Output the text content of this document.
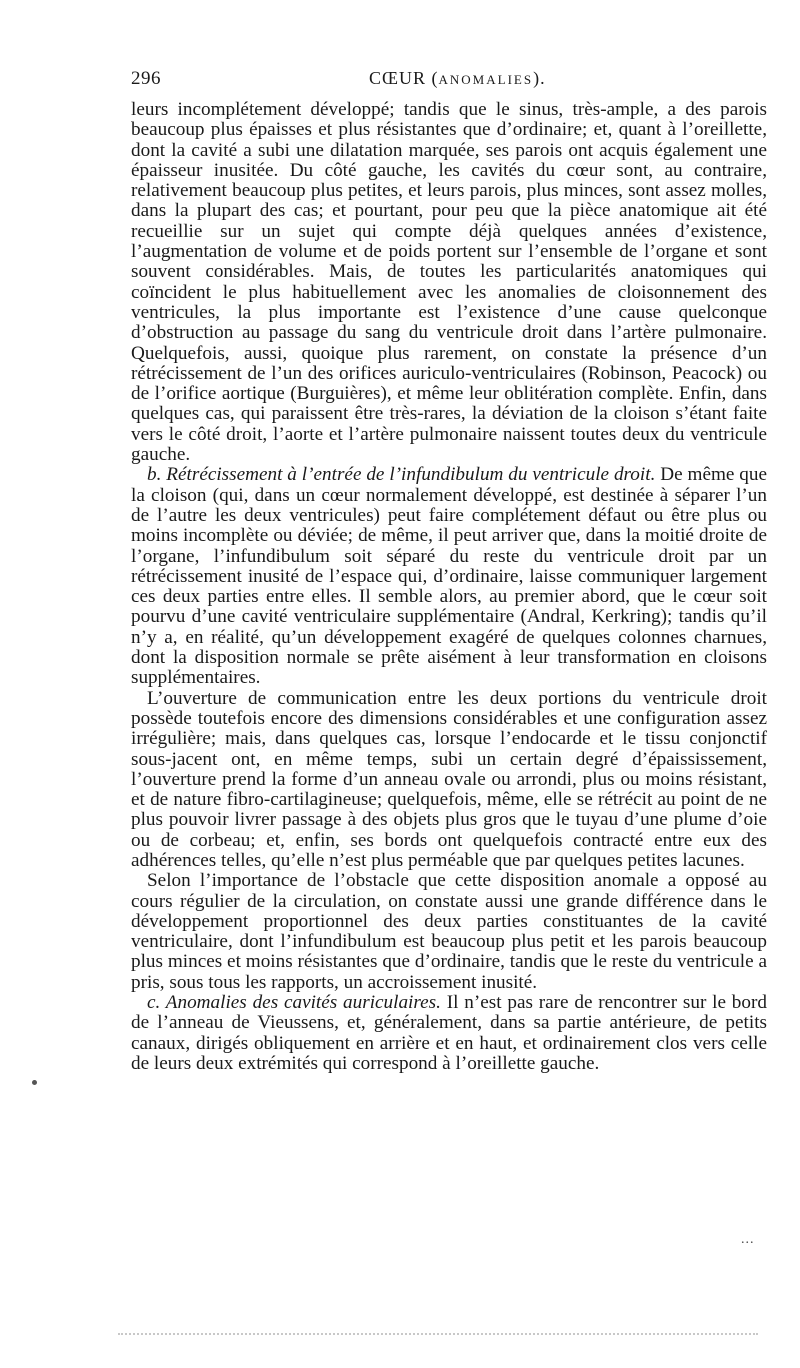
296	CŒUR (ANOMALIES).

leurs incomplétement développé; tandis que le sinus, très-ample, a des parois beaucoup plus épaisses et plus résistantes que d’ordinaire; et, quant à l’oreillette, dont la cavité a subi une dilatation marquée, ses parois ont acquis également une épaisseur inusitée. Du côté gauche, les cavités du cœur sont, au contraire, relativement beaucoup plus petites, et leurs parois, plus minces, sont assez molles, dans la plupart des cas; et pourtant, pour peu que la pièce anatomique ait été recueillie sur un sujet qui compte déjà quelques années d’existence, l’augmentation de volume et de poids portent sur l’ensemble de l’organe et sont souvent considérables. Mais, de toutes les particularités anatomiques qui coïncident le plus habituellement avec les anomalies de cloisonnement des ventricules, la plus importante est l’existence d’une cause quelconque d’obstruction au passage du sang du ventricule droit dans l’artère pulmonaire. Quelquefois, aussi, quoique plus rarement, on constate la présence d’un rétrécissement de l’un des orifices auriculo-ventriculaires (Robinson, Peacock) ou de l’orifice aortique (Burguières), et même leur oblitération complète. Enfin, dans quelques cas, qui paraissent être très-rares, la déviation de la cloison s’étant faite vers le côté droit, l’aorte et l’artère pulmonaire naissent toutes deux du ventricule gauche.

b. Rétrécissement à l’entrée de l’infundibulum du ventricule droit. De même que la cloison (qui, dans un cœur normalement développé, est destinée à séparer l’un de l’autre les deux ventricules) peut faire complétement défaut ou être plus ou moins incomplète ou déviée; de même, il peut arriver que, dans la moitié droite de l’organe, l’infundibulum soit séparé du reste du ventricule droit par un rétrécissement inusité de l’espace qui, d’ordinaire, laisse communiquer largement ces deux parties entre elles. Il semble alors, au premier abord, que le cœur soit pourvu d’une cavité ventriculaire supplémentaire (Andral, Kerkring); tandis qu’il n’y a, en réalité, qu’un développement exagéré de quelques colonnes charnues, dont la disposition normale se prête aisément à leur transformation en cloisons supplémentaires.

L’ouverture de communication entre les deux portions du ventricule droit possède toutefois encore des dimensions considérables et une configuration assez irrégulière; mais, dans quelques cas, lorsque l’endocarde et le tissu conjonctif sous-jacent ont, en même temps, subi un certain degré d’épaississement, l’ouverture prend la forme d’un anneau ovale ou arrondi, plus ou moins résistant, et de nature fibro-cartilagineuse; quelquefois, même, elle se rétrécit au point de ne plus pouvoir livrer passage à des objets plus gros que le tuyau d’une plume d’oie ou de corbeau; et, enfin, ses bords ont quelquefois contracté entre eux des adhérences telles, qu’elle n’est plus perméable que par quelques petites lacunes.

Selon l’importance de l’obstacle que cette disposition anomale a opposé au cours régulier de la circulation, on constate aussi une grande différence dans le développement proportionnel des deux parties constituantes de la cavité ventriculaire, dont l’infundibulum est beaucoup plus petit et les parois beaucoup plus minces et moins résistantes que d’ordinaire, tandis que le reste du ventricule a pris, sous tous les rapports, un accroissement inusité.

c. Anomalies des cavités auriculaires. Il n’est pas rare de rencontrer sur le bord de l’anneau de Vieussens, et, généralement, dans sa partie antérieure, de petits canaux, dirigés obliquement en arrière et en haut, et ordinairement clos vers celle de leurs deux extrémités qui correspond à l’oreillette gauche.

...
